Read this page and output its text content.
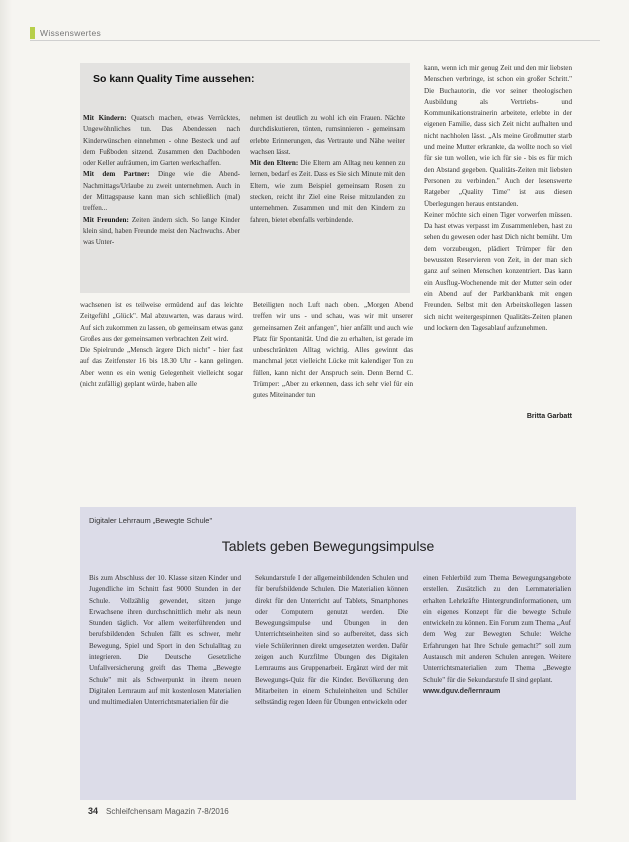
Wissenswertes
So kann Quality Time aussehen:

Mit Kindern: Quatsch machen, etwas Verrücktes, Ungewöhnliches tun. Das Abendessen nach Kinderwünschen einnehmen - ohne Besteck und auf dem Fußboden sitzend. Zusammen den Dachboden oder Keller aufräumen, im Garten werkschaffen.

Mit dem Partner: Dinge wie die Abend-Nachmittags/Urlaube zu zweit unternehmen. Auch in der Mittagspause kann man sich schließlich (mal) treffen...

Mit Freunden: Zeiten ändern sich. So lange Kinder klein sind, haben Freunde meist den Nachwuchs. Aber was Unter-

nehmen ist deutlich zu wohl ich ein Frauen. Nächte durchdiskutieren, tönten, rumsinnieren - gemeinsam erlebte Erinnerungen, das Vertraute und Nähe weiter wachsen lässt.

Mit den Eltern: Die Eltern am Alltag neu kennen zu lernen, bedarf es Zeit. Dass es Sie sich Minute mit den Eltern, wie zum Beispiel gemeinsam Rosen zu stecken, reicht ihr Ziel eine Reise mitzulanden zu unternehmen. Zusammen und mit den Kindern zu fahren, bietet ebenfalls verbindende.

kann, wenn ich mir genug Zeit und den mir liebsten Menschen verbringe, ist schon ein großer Schritt." Die Buchautorin, die vor seiner theologischen Ausbildung als Vertriebs- und Kommunikationstrainerin arbeitete, erlebte in der eigenen Familie, dass sich Zeit nicht aufhalten und nicht nachholen lässt. „Als meine Großmutter starb und meine Mutter erkrankte, da wollte noch so viel für sie tun wollen, wie ich für sie - bis es für mich den Abstand gegeben. Qualitäts-Zeiten mit liebsten Personen zu verbinden." Auch der lesenswerte Ratgeber „Quality Time" ist aus diesen Überlegungen heraus entstanden.

Keiner möchte sich einen Tiger vorwerfen müssen. Da hast etwas verpasst im Zusammenleben, hast zu sehen du gewesen oder hast Dich nicht bemüht. Um dem vorzubeugen, plädiert Trümper für den bewussten Reservieren von Zeit, in der man sich ganz auf seinen Menschen konzentriert. Das kann ein Ausflug-Wochenende mit der Mutter sein oder ein Abend auf der Parkbankbank mit engen Freunden. Selbst mit den Arbeitskollegen lassen sich nicht weitergespinnen Qualitäts-Zeiten planen und lockern den Tagesablauf aufzunehmen.

Britta Garbatt

wachsenen ist es teilweise ermüdend auf das leichte Zeitgefühl „Glück". Mal abzuwarten, was daraus wird. Auf sich zukommen zu lassen, ob gemeinsam etwas ganz Großes aus der gemeinsamen verbrachten Zeit wird.

Die Spielrunde „Mensch ärgere Dich nicht" - hier fast auf das Zeitfenster 16 bis 18.30 Uhr - kann gelingen. Aber wenn es ein wenig Gelegenheit vielleicht sogar (nicht zufällig) geplant würde, haben alle

Beteiligten noch Luft nach oben. „Morgen Abend treffen wir uns - und schau, was wir mit unserer gemeinsamen Zeit anfangen", hier anfällt und auch wie Platz für Spontanität. Und die zu erhalten, ist gerade im unbeschränkten Alltag wichtig. Alles gewinnt das manchmal jetzt vielleicht Lücke mit kalendiger Ton zu füllen, kann nicht der Anspruch sein. Denn Bernd C. Trümper: „Aber zu erkennen, dass ich sehr viel für ein gutes Miteinander tun

Digitaler Lehrraum „Bewegte Schule"
Tablets geben Bewegungsimpulse

Bis zum Abschluss der 10. Klasse sitzen Kinder und Jugendliche im Schnitt fast 9000 Stunden in der Schule. Vollzählig gewendet, sitzen junge Erwachsene ihren durchschnittlich mehr als neun Stunden täglich. Vor allem weiterführenden und berufsbildenden Schulen fällt es schwer, mehr Bewegung, Spiel und Sport in den Schulalltag zu integrieren. Die Deutsche Gesetzliche Unfallversicherung greift das Thema „Bewegte Schule" mit als Schwerpunkt in ihrem neuen Digitalen Lernraum auf mit kostenlosen Materialien und multimedialen Unterrichtsmaterialien für die

Sekundarstufe I der allgemeinbildenden Schulen und für berufsbildende Schulen. Die Materialien können direkt für den Unterricht auf Tablets, Smartphones oder Computern genutzt werden. Die Bewegungsimpulse und Übungen in den Unterrichtseinheiten sind so aufbereitet, dass sich viele Schülerinnen direkt umgesetzten werden. Dafür zeigen auch Kurzfilme Übungen des Digitalen Lernraums aus Gruppenarbeit. Ergänzt wird der mit Bewegungs-Quiz für die Kinder. Bevölkerung den Mitarbeiten in einem Schuleinheiten und Schüler selbständig regen Ideen für Übungen entwickeln oder

einen Fehlerbild zum Thema Bewegungsangebote erstellen. Zusätzlich zu den Lernmaterialien erhalten Lehrkräfte Hintergrundinformationen, um ein eigenes Konzept für die bewegte Schule entwickeln zu können. Ein Forum zum Thema „Auf dem Weg zur Bewegten Schule: Welche Erfahrungen hat Ihre Schule gemacht?" soll zum Austausch mit anderen Schulen anregen. Weitere Unterrichtsmaterialien zum Thema „Bewegte Schule" für die Sekundarstufe II sind geplant.

www.dguv.de/lernraum

34 Schleifchensam Magazin 7-8/2016
